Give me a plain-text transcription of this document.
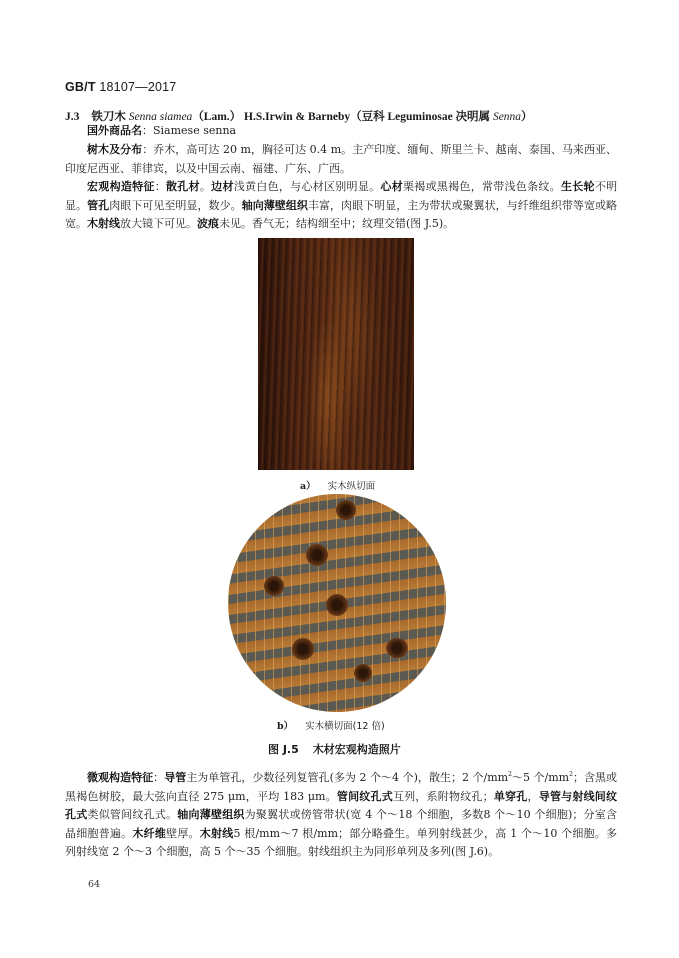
GB/T 18107—2017
J.3 铁刀木 Senna siamea（Lam.） H.S.Irwin & Barneby（豆科 Leguminosae 决明属 Senna）
国外商品名：Siamese senna
树木及分布：乔木，高可达 20 m，胸径可达 0.4 m。主产印度、缅甸、斯里兰卡、越南、泰国、马来西亚、印度尼西亚、菲律宾，以及中国云南、福建、广东、广西。
宏观构造特征：散孔材。边材浅黄白色，与心材区别明显。心材栗褐或黑褐色，常带浅色条纹。生长轮不明显。管孔肉眼下可见至明显，数少。轴向薄壁组织丰富，肉眼下明显，主为带状或聚翼状，与纤维组织带等宽或略宽。木射线放大镜下可见。波痕未见。香气无；结构细至中；纹理交错(图 J.5)。
a） 实木纵切面
b） 实木横切面(12 倍)
图 J.5 木材宏观构造照片
微观构造特征：导管主为单管孔，少数径列复管孔(多为 2 个～4 个)，散生；2 个$/mm^2\sim 5$ 个$/mm^2$；含黑或黑褐色树胶，最大弦向直径 275 μm，平均 183 μm。管间纹孔式互列，系附物纹孔；单穿孔，导管与射线间纹孔式类似管间纹孔式。轴向薄壁组织为聚翼状或傍管带状(宽 4 个～18 个细胞，多数8 个～10 个细胞)；分室含晶细胞普遍。木纤维壁厚。木射线5 根/mm～7 根/mm；部分略叠生。单列射线甚少，高 1 个～10 个细胞。多列射线宽 2 个～3 个细胞，高 5 个～35 个细胞。射线组织主为同形单列及多列(图 J.6)。
64
